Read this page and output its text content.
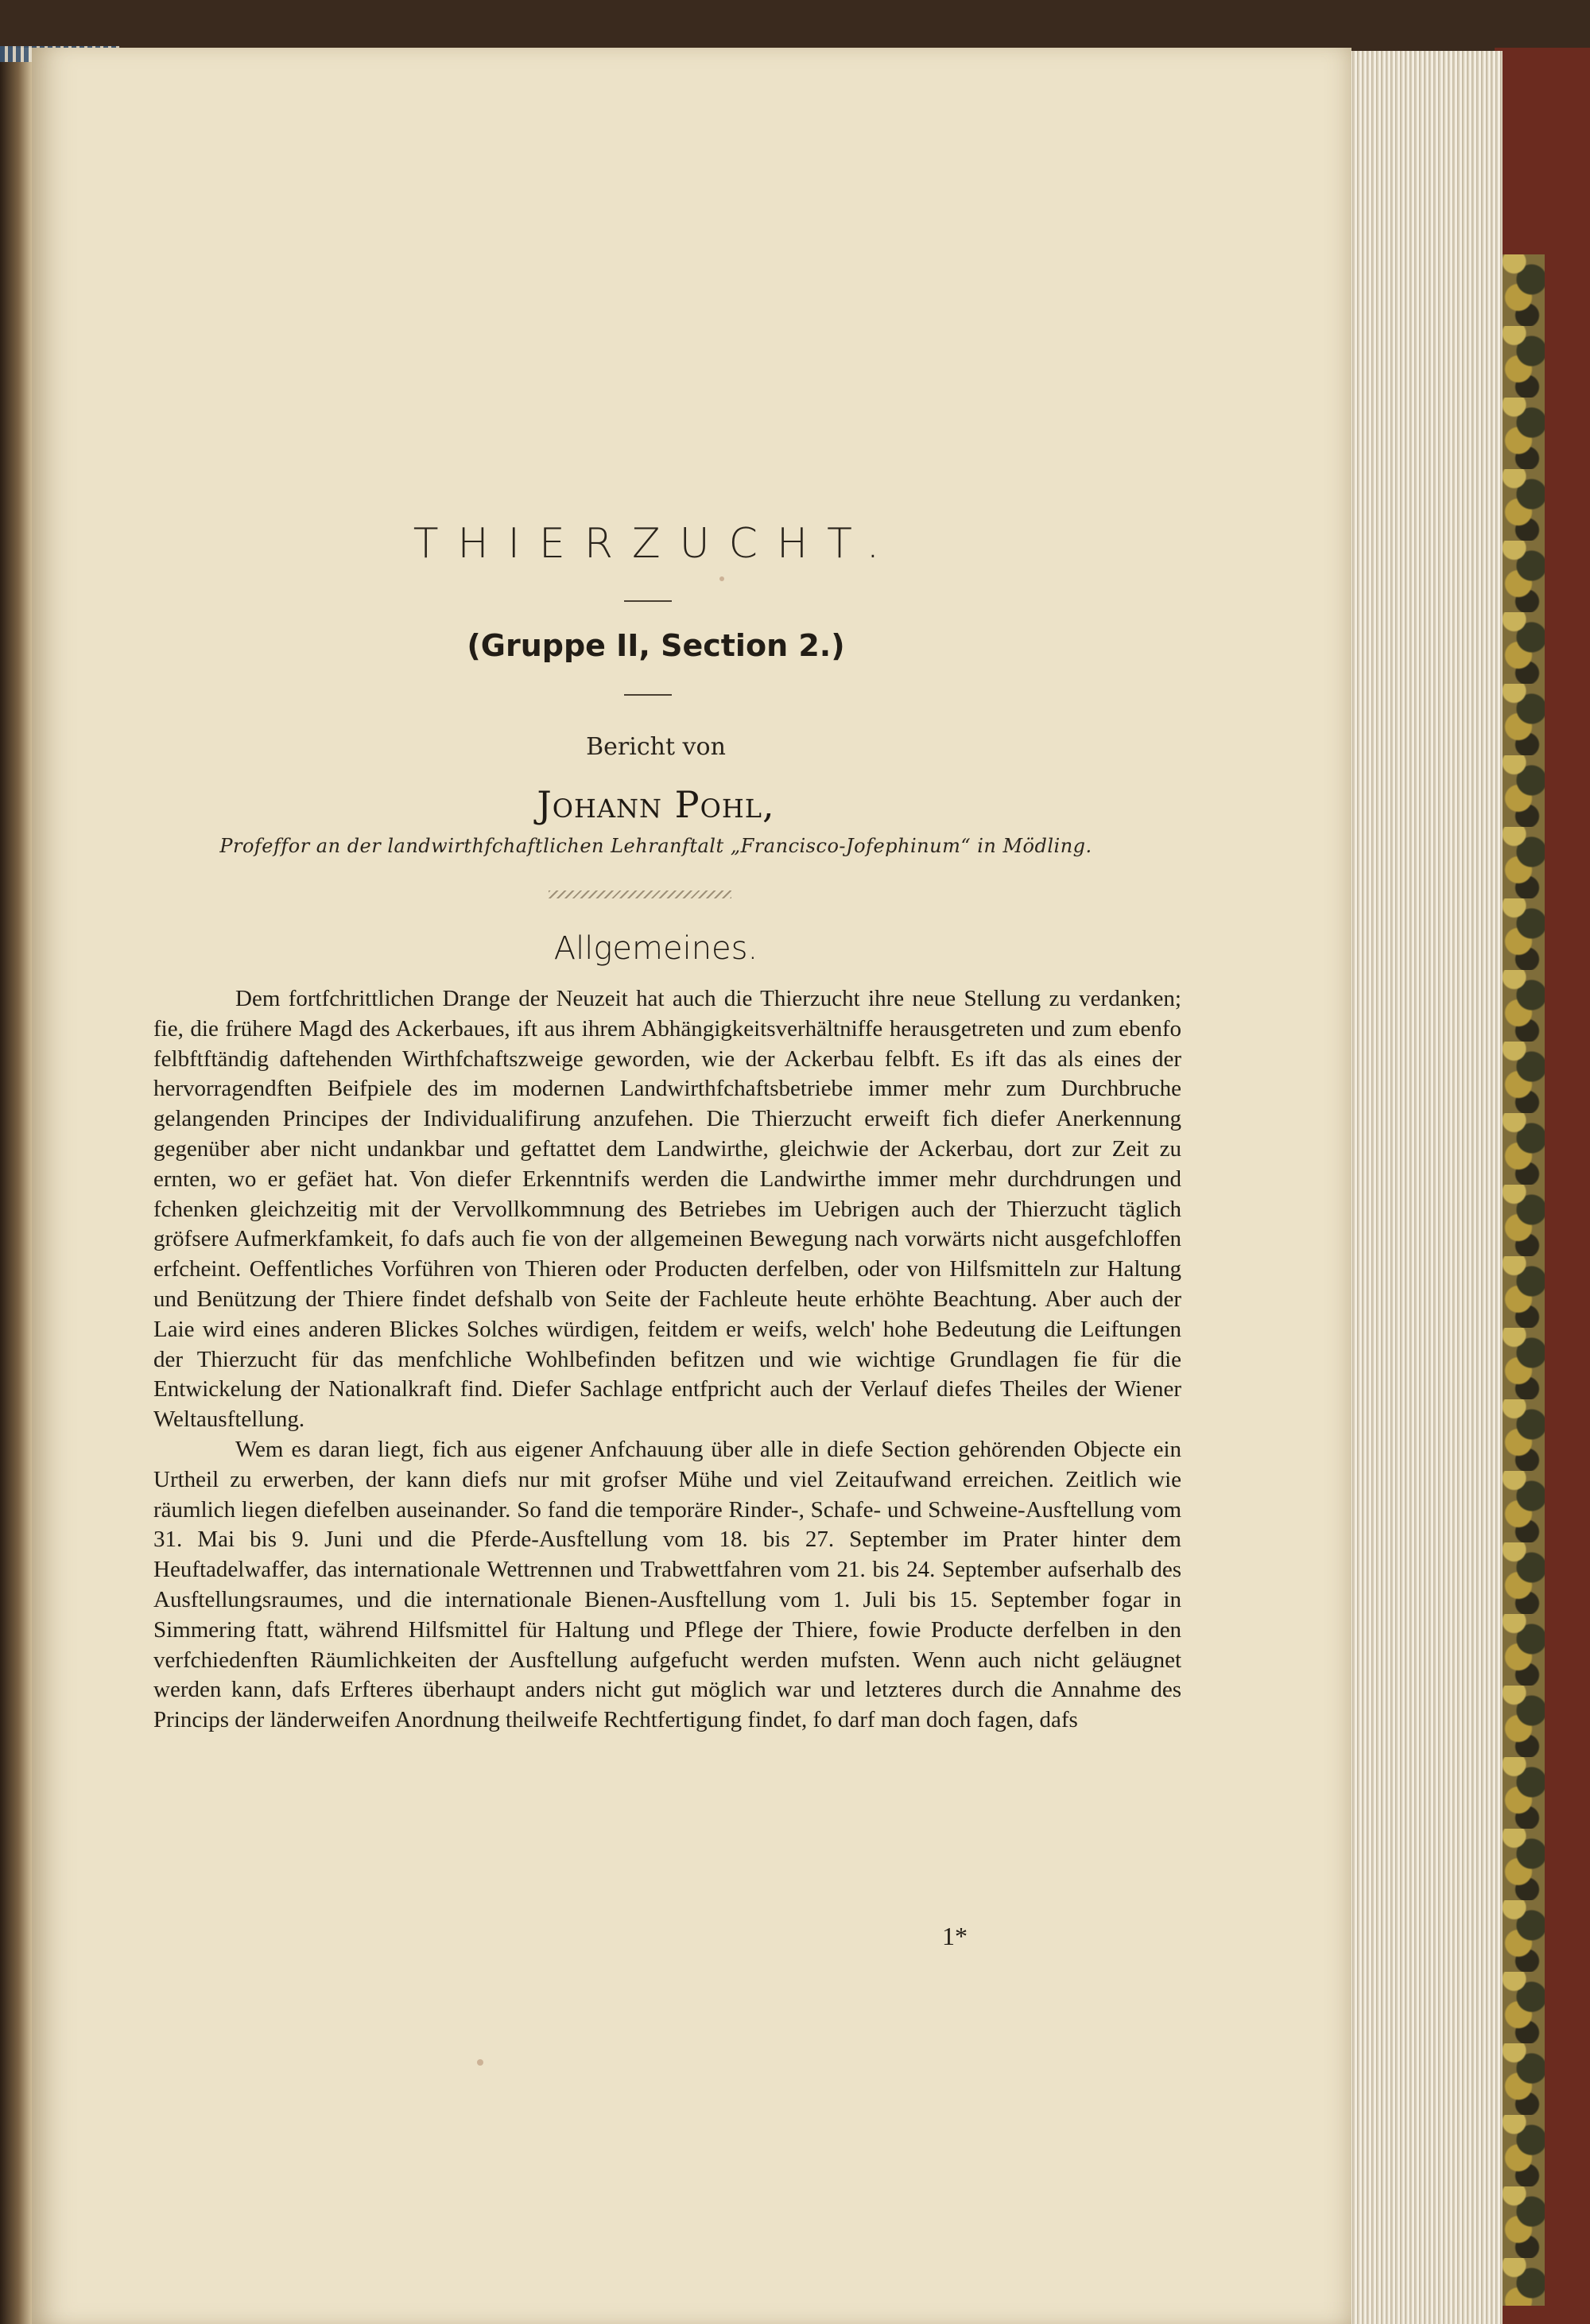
THIERZUCHT.
(Gruppe II, Section 2.)
Bericht von
Johann Pohl,
Profeffor an der landwirthfchaftlichen Lehranftalt „Francisco-Jofephinum“ in Mödling.
Allgemeines.

Dem fortfchrittlichen Drange der Neuzeit hat auch die Thierzucht ihre neue Stellung zu verdanken; fie, die frühere Magd des Ackerbaues, ift aus ihrem Abhängigkeitsverhältniffe herausgetreten und zum ebenfo felbftftändig daftehenden Wirthfchaftszweige geworden, wie der Ackerbau felbft. Es ift das als eines der hervorragendften Beifpiele des im modernen Landwirthfchaftsbetriebe immer mehr zum Durchbruche gelangenden Principes der Individualifirung anzufehen. Die Thierzucht erweift fich diefer Anerkennung gegenüber aber nicht undankbar und geftattet dem Landwirthe, gleichwie der Ackerbau, dort zur Zeit zu ernten, wo er gefäet hat. Von diefer Erkenntnifs werden die Landwirthe immer mehr durchdrungen und fchenken gleichzeitig mit der Vervollkommnung des Betriebes im Uebrigen auch der Thierzucht täglich gröfsere Aufmerkfamkeit, fo dafs auch fie von der allgemeinen Bewegung nach vorwärts nicht ausgefchloffen erfcheint. Oeffentliches Vorführen von Thieren oder Producten derfelben, oder von Hilfsmitteln zur Haltung und Benützung der Thiere findet defshalb von Seite der Fachleute heute erhöhte Beachtung. Aber auch der Laie wird eines anderen Blickes Solches würdigen, feitdem er weifs, welch' hohe Bedeutung die Leiftungen der Thierzucht für das menfchliche Wohlbefinden befitzen und wie wichtige Grundlagen fie für die Entwickelung der Nationalkraft find. Diefer Sachlage entfpricht auch der Verlauf diefes Theiles der Wiener Weltausftellung.

Wem es daran liegt, fich aus eigener Anfchauung über alle in diefe Section gehörenden Objecte ein Urtheil zu erwerben, der kann diefs nur mit grofser Mühe und viel Zeitaufwand erreichen. Zeitlich wie räumlich liegen diefelben auseinander. So fand die temporäre Rinder-, Schafe- und Schweine-Ausftellung vom 31. Mai bis 9. Juni und die Pferde-Ausftellung vom 18. bis 27. September im Prater hinter dem Heuftadelwaffer, das internationale Wettrennen und Trabwettfahren vom 21. bis 24. September aufserhalb des Ausftellungsraumes, und die internationale Bienen-Ausftellung vom 1. Juli bis 15. September fogar in Simmering ftatt, während Hilfsmittel für Haltung und Pflege der Thiere, fowie Producte derfelben in den verfchiedenften Räumlichkeiten der Ausftellung aufgefucht werden mufsten. Wenn auch nicht geläugnet werden kann, dafs Erfteres überhaupt anders nicht gut möglich war und letzteres durch die Annahme des Princips der länderweifen Anordnung theilweife Rechtfertigung findet, fo darf man doch fagen, dafs

1*
